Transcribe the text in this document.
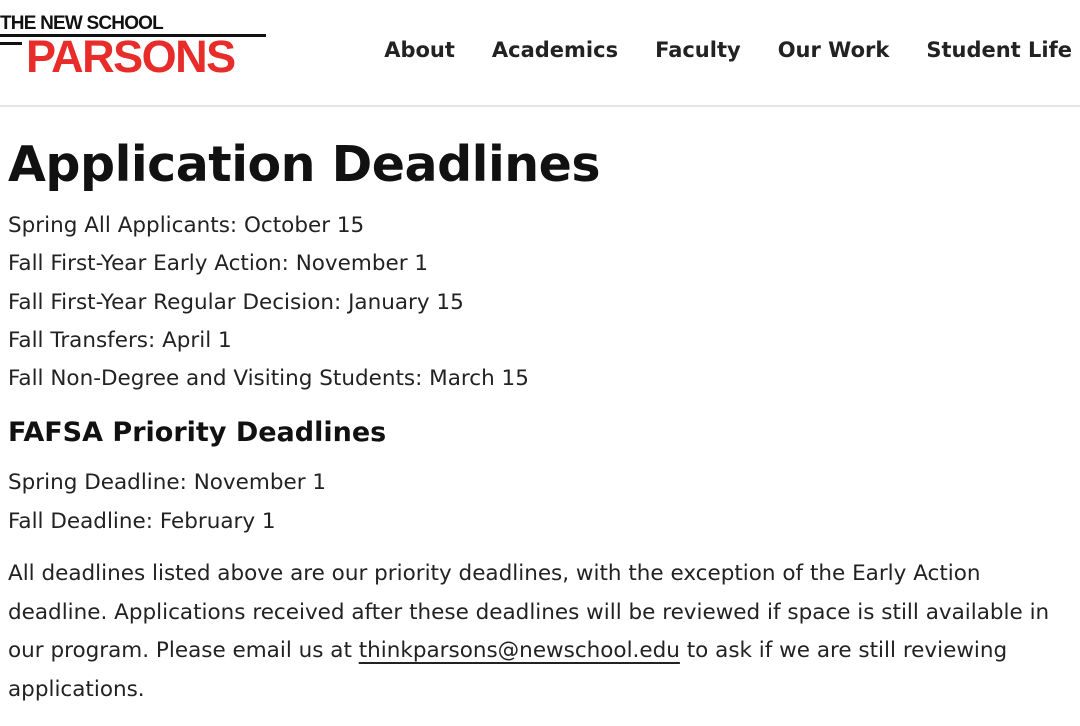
THE NEW SCHOOL
PARSONS	About Academics Faculty Our Work Student Life
Application Deadlines
Spring All Applicants: October 15
Fall First-Year Early Action: November 1
Fall First-Year Regular Decision: January 15
Fall Transfers: April 1
Fall Non-Degree and Visiting Students: March 15
FAFSA Priority Deadlines
Spring Deadline: November 1
Fall Deadline: February 1

All deadlines listed above are our priority deadlines, with the exception of the Early Action deadline. Applications received after these deadlines will be reviewed if space is still available in our program. Please email us at thinkparsons@newschool.edu to ask if we are still reviewing applications.
